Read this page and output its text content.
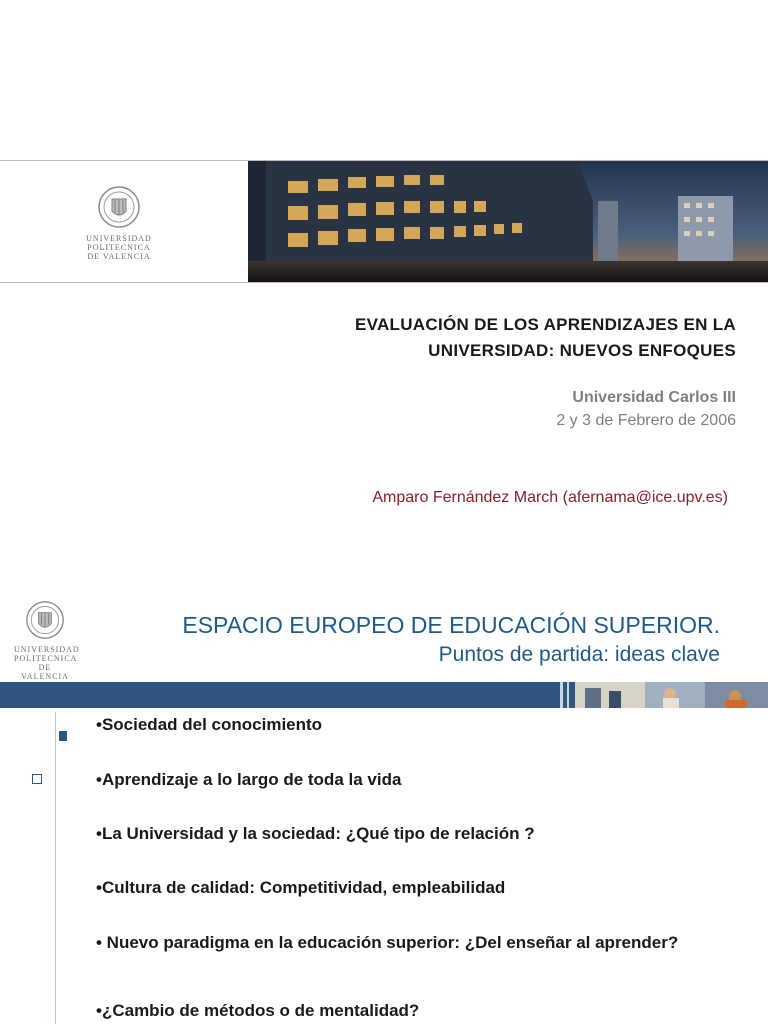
UNIVERSIDAD
POLITECNICA
DE VALENCIA
EVALUACIÓN DE LOS APRENDIZAJES EN LA
UNIVERSIDAD: NUEVOS ENFOQUES
Universidad Carlos III
2 y 3 de Febrero de 2006
Amparo Fernández March (afernama@ice.upv.es)
UNIVERSIDAD
POLITECNICA
DE VALENCIA
ESPACIO EUROPEO DE EDUCACIÓN SUPERIOR.
Puntos de partida: ideas clave
•Sociedad del conocimiento
•Aprendizaje a lo largo de toda la vida
•La Universidad y la sociedad: ¿Qué tipo de relación ?
•Cultura de calidad: Competitividad, empleabilidad
• Nuevo paradigma en la educación superior: ¿Del enseñar al aprender?
•¿Cambio de métodos o de mentalidad?
